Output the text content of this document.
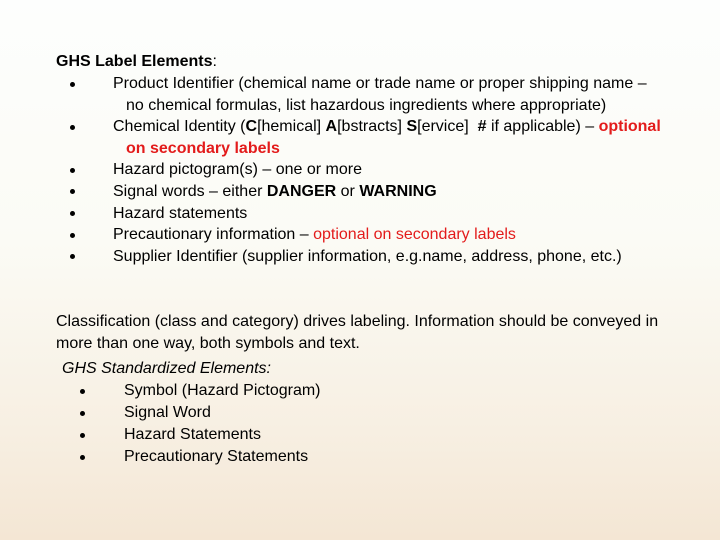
GHS Label Elements:
Product Identifier (chemical name or trade name or proper shipping name – no chemical formulas, list hazardous ingredients where appropriate)
Chemical Identity (C[hemical] A[bstracts] S[ervice]  # if applicable) – optional on secondary labels
Hazard pictogram(s) – one or more
Signal words – either DANGER or WARNING
Hazard statements
Precautionary information – optional on secondary labels
Supplier Identifier (supplier information, e.g.name, address, phone, etc.)
Classification (class and category) drives labeling. Information should be conveyed in more than one way, both symbols and text.
GHS Standardized Elements:
Symbol (Hazard Pictogram)
Signal Word
Hazard Statements
Precautionary Statements
